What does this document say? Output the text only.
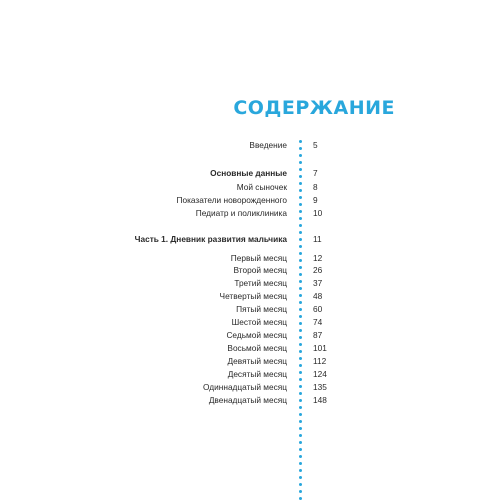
СОДЕРЖАНИЕ
Введение	5
Основные данные	7
Мой сыночек	8
Показатели новорожденного	9
Педиатр и поликлиника	10
Часть 1. Дневник развития мальчика	11
Первый месяц	12
Второй месяц	26
Третий месяц	37
Четвертый месяц	48
Пятый месяц	60
Шестой месяц	74
Седьмой месяц	87
Восьмой месяц	101
Девятый месяц	112
Десятый месяц	124
Одиннадцатый месяц	135
Двенадцатый месяц	148
